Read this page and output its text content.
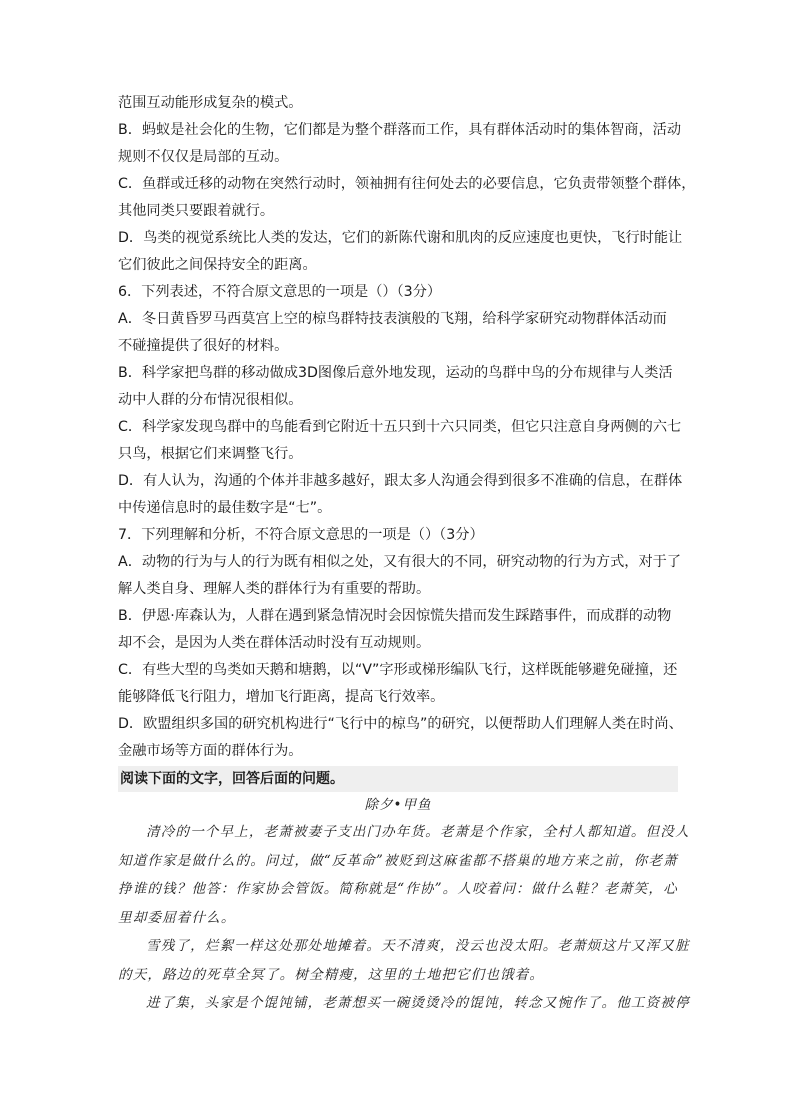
范围互动能形成复杂的模式。
B．蚂蚁是社会化的生物，它们都是为整个群落而工作，具有群体活动时的集体智商，活动
规则不仅仅是局部的互动。
C．鱼群或迁移的动物在突然行动时，领袖拥有往何处去的必要信息，它负责带领整个群体，
其他同类只要跟着就行。
D．鸟类的视觉系统比人类的发达，它们的新陈代谢和肌肉的反应速度也更快，飞行时能让
它们彼此之间保持安全的距离。
6．下列表述，不符合原文意思的一项是（）（3分）
A．冬日黄昏罗马西莫宫上空的椋鸟群特技表演般的飞翔，给科学家研究动物群体活动而
不碰撞提供了很好的材料。
B．科学家把鸟群的移动做成3D图像后意外地发现，运动的鸟群中鸟的分布规律与人类活
动中人群的分布情况很相似。
C．科学家发现鸟群中的鸟能看到它附近十五只到十六只同类，但它只注意自身两侧的六七
只鸟，根据它们来调整飞行。
D．有人认为，沟通的个体并非越多越好，跟太多人沟通会得到很多不准确的信息，在群体
中传递信息时的最佳数字是“七”。
7．下列理解和分析，不符合原文意思的一项是（）（3分）
A．动物的行为与人的行为既有相似之处，又有很大的不同，研究动物的行为方式，对于了
解人类自身、理解人类的群体行为有重要的帮助。
B．伊恩·库森认为，人群在遇到紧急情况时会因惊慌失措而发生踩踏事件，而成群的动物
却不会，是因为人类在群体活动时没有互动规则。
C．有些大型的鸟类如天鹅和塘鹅，以“V”字形或梯形编队飞行，这样既能够避免碰撞，还
能够降低飞行阻力，增加飞行距离，提高飞行效率。
D．欧盟组织多国的研究机构进行“飞行中的椋鸟”的研究，以便帮助人们理解人类在时尚、
金融市场等方面的群体行为。
阅读下面的文字，回答后面的问题。
除夕•甲鱼
清冷的一个早上，老萧被妻子支出门办年货。老萧是个作家，全村人都知道。但没人
知道作家是做什么的。问过，做“反革命”被贬到这麻雀都不搭巢的地方来之前，你老萧
挣谁的钱？他答：作家协会管饭。简称就是“作协”。人咬着问：做什么鞋？老萧笑，心
里却委屈着什么。
雪残了，烂絮一样这处那处地摊着。天不清爽，没云也没太阳。老萧烦这片又浑又脏
的天，路边的死草全冥了。树全精瘦，这里的土地把它们也饿着。
进了集，头家是个馄饨铺，老萧想买一碗烫烫冷的馄饨，转念又惋作了。他工资被停
